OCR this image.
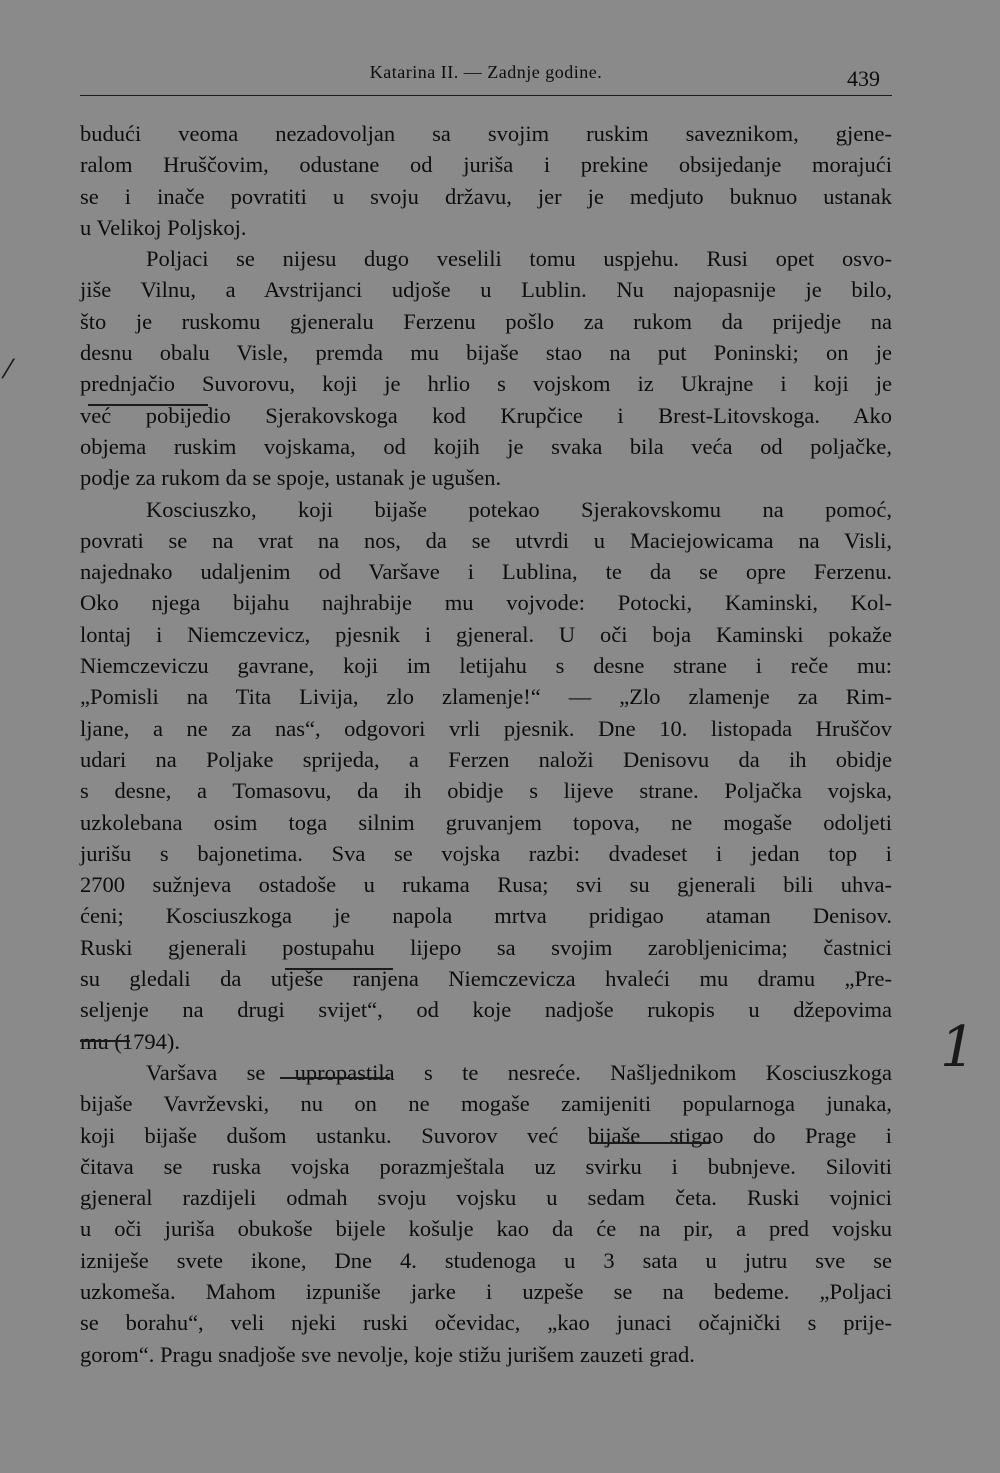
Katarina II. — Zadnje godine.	439
budući veoma nezadovoljan sa svojim ruskim saveznikom, gjene-
ralom Hruščovim, odustane od juriša i prekine obsijedanje morajući
se i inače povratiti u svoju državu, jer je medjuto buknuo ustanak
u Velikoj Poljskoj.
Poljaci se nijesu dugo veselili tomu uspjehu. Rusi opet osvo-
jiše Vilnu, a Avstrijanci udjoše u Lublin. Nu najopasnije je bilo,
što je ruskomu gjeneralu Ferzenu pošlo za rukom da prijedje na
desnu obalu Visle, premda mu bijaše stao na put Poninski; on je
prednjačio Suvorovu, koji je hrlio s vojskom iz Ukrajne i koji je
već pobijedio Sjerakovskoga kod Krupčice i Brest-Litovskoga. Ako
objema ruskim vojskama, od kojih je svaka bila veća od poljačke,
podje za rukom da se spoje, ustanak je ugušen.
Kosciuszko, koji bijaše potekao Sjerakovskomu na pomoć,
povrati se na vrat na nos, da se utvrdi u Maciejowicama na Visli,
najednako udaljenim od Varšave i Lublina, te da se opre Ferzenu.
Oko njega bijahu najhrabije mu vojvode: Potocki, Kaminski, Kol-
lontaj i Niemczevicz, pjesnik i gjeneral. U oči boja Kaminski pokaže
Niemczeviczu gavrane, koji im letijahu s desne strane i reče mu:
„Pomisli na Tita Livija, zlo zlamenje!“ — „Zlo zlamenje za Rim-
ljane, a ne za nas“, odgovori vrli pjesnik. Dne 10. listopada Hruščov
udari na Poljake sprijeda, a Ferzen naloži Denisovu da ih obidje
s desne, a Tomasovu, da ih obidje s lijeve strane. Poljačka vojska,
uzkolebana osim toga silnim gruvanjem topova, ne mogaše odoljeti
jurišu s bajonetima. Sva se vojska razbi: dvadeset i jedan top i
2700 sužnjeva ostadoše u rukama Rusa; svi su gjenerali bili uhva-
ćeni; Kosciuszkoga je napola mrtva pridigao ataman Denisov.
Ruski gjenerali postupahu lijepo sa svojim zarobljenicima; častnici
su gledali da utješe ranjena Niemczevicza hvaleći mu dramu „Pre-
seljenje na drugi svijet“, od koje nadjoše rukopis u džepovima
mu (1794).
Varšava se upropastila s te nesreće. Našljednikom Kosciuszkoga
bijaše Vavrževski, nu on ne mogaše zamijeniti popularnoga junaka,
koji bijaše dušom ustanku. Suvorov već bijaše stigao do Prage i
čitava se ruska vojska porazmještala uz svirku i bubnjeve. Siloviti
gjeneral razdijeli odmah svoju vojsku u sedam četa. Ruski vojnici
u oči juriša obukoše bijele košulje kao da će na pir, a pred vojsku
izniješe svete ikone, Dne 4. studenoga u 3 sata u jutru sve se
uzkomeša. Mahom izpuniše jarke i uzpeše se na bedeme. „Poljaci
se borahu“, veli njeki ruski očevidac, „kao junaci očajnički s prije-
gorom“. Pragu snadjoše sve nevolje, koje stižu jurišem zauzeti grad.
1
⁄
